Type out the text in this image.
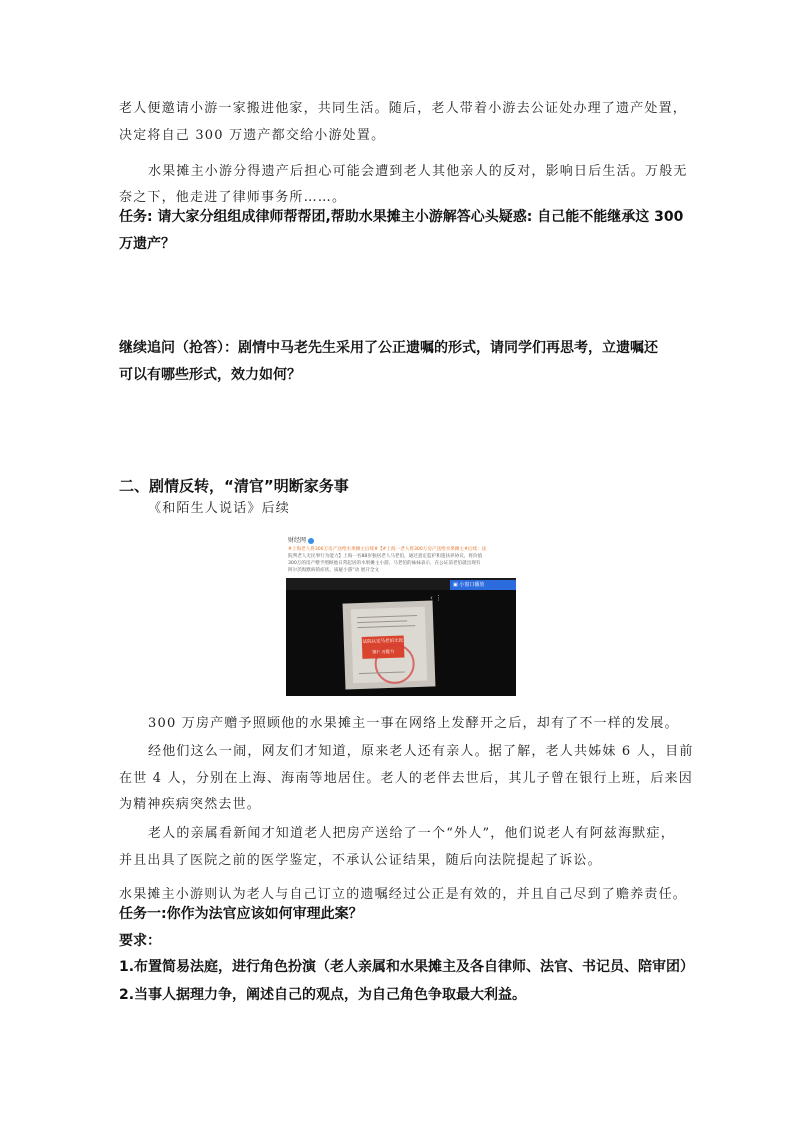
老人便邀请小游一家搬进他家，共同生活。随后，老人带着小游去公证处办理了遗产处置，
决定将自己 300 万遗产都交给小游处置。
水果摊主小游分得遗产后担心可能会遭到老人其他亲人的反对，影响日后生活。万般无
奈之下，他走进了律师事务所……。
任务: 请大家分组组成律师帮帮团,帮助水果摊主小游解答心头疑惑: 自己能不能继承这 300
万遗产？
继续追问（抢答）：剧情中马老先生采用了公正遗嘱的形式，请同学们再思考，立遗嘱还
可以有哪些形式，效力如何？
二、剧情反转，“清官”明断家务事
《和陌生人说话》后续
财经网
#上海老人将300万房产送给水果摊主后续#【#上海一老人将300万房产送给水果摊主#后续：法
院判老人无民事行为能力】上海一名88岁独居老人马老伯，通过意定监护和遗扶养协议，将价值
300万的房产赠予照顾他日常起居的水果摊主小游。马老伯的妹妹表示，在公证前老伯就出现有
阿尔茨海默病的症状，质疑小游“动 展开全文
‹ ⋮
法院认定马老伯无民事行为能力
▣ 小窗口播放
300 万房产赠予照顾他的水果摊主一事在网络上发酵开之后，却有了不一样的发展。
经他们这么一闹，网友们才知道，原来老人还有亲人。据了解，老人共姊妹 6 人，目前
在世 4 人，分别在上海、海南等地居住。老人的老伴去世后，其儿子曾在银行上班，后来因
为精神疾病突然去世。
老人的亲属看新闻才知道老人把房产送给了一个“外人”，他们说老人有阿兹海默症，
并且出具了医院之前的医学鉴定，不承认公证结果，随后向法院提起了诉讼。
水果摊主小游则认为老人与自己订立的遗嘱经过公正是有效的，并且自己尽到了赡养责任。
任务一:你作为法官应该如何审理此案？
要求：
1.布置简易法庭，进行角色扮演（老人亲属和水果摊主及各自律师、法官、书记员、陪审团）
2.当事人据理力争，阐述自己的观点，为自己角色争取最大利益。
